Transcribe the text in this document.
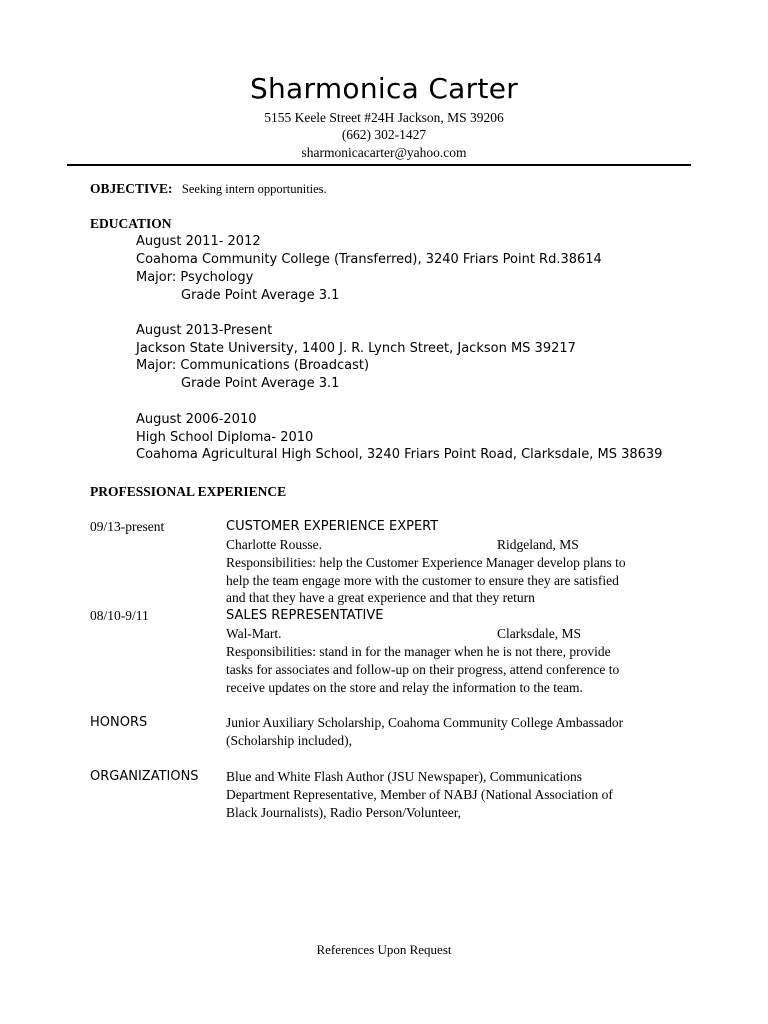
Sharmonica Carter
5155 Keele Street #24H Jackson, MS 39206
(662) 302-1427
sharmonicacarter@yahoo.com
OBJECTIVE: Seeking intern opportunities.
EDUCATION
August 2011- 2012
Coahoma Community College (Transferred), 3240 Friars Point Rd.38614
Major: Psychology
Grade Point Average 3.1
August 2013-Present
Jackson State University, 1400 J. R. Lynch Street, Jackson MS 39217
Major: Communications (Broadcast)
Grade Point Average 3.1
August 2006-2010
High School Diploma- 2010
Coahoma Agricultural High School, 3240 Friars Point Road, Clarksdale, MS 38639
PROFESSIONAL EXPERIENCE
09/13-present	CUSTOMER EXPERIENCE EXPERT
Charlotte Rousse.	Ridgeland, MS
Responsibilities: help the Customer Experience Manager develop plans to
help the team engage more with the customer to ensure they are satisfied
and that they have a great experience and that they return
08/10-9/11	SALES REPRESENTATIVE
Wal-Mart.	Clarksdale, MS
Responsibilities: stand in for the manager when he is not there, provide
tasks for associates and follow-up on their progress, attend conference to
receive updates on the store and relay the information to the team.
HONORS	Junior Auxiliary Scholarship, Coahoma Community College Ambassador
(Scholarship included),
ORGANIZATIONS Blue and White Flash Author (JSU Newspaper), Communications
Department Representative, Member of NABJ (National Association of
Black Journalists), Radio Person/Volunteer,
References Upon Request
